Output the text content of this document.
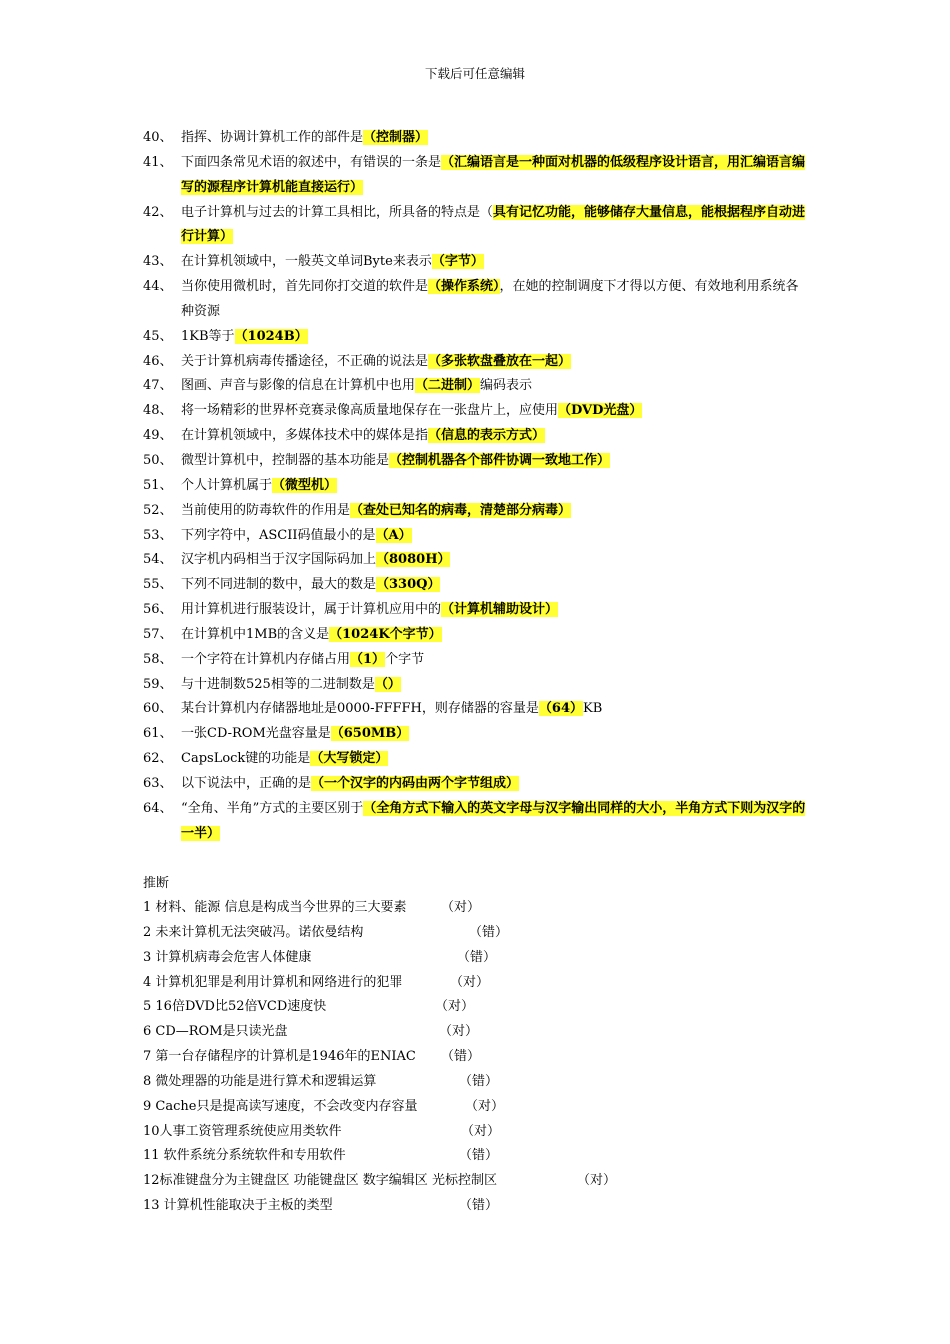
下载后可任意编辑
40、 指挥、协调计算机工作的部件是（控制器）
41、 下面四条常见术语的叙述中，有错误的一条是（汇编语言是一种面对机器的低级程序设计语言，用汇编语言编写的源程序计算机能直接运行）
42、 电子计算机与过去的计算工具相比，所具备的特点是（具有记忆功能，能够储存大量信息，能根据程序自动进行计算）
43、 在计算机领域中，一般英文单词Byte来表示（字节）
44、 当你使用微机时，首先同你打交道的软件是（操作系统），在她的控制调度下才得以方便、有效地利用系统各种资源
45、 1KB等于（1024B）
46、 关于计算机病毒传播途径，不正确的说法是（多张软盘叠放在一起）
47、 图画、声音与影像的信息在计算机中也用（二进制）编码表示
48、 将一场精彩的世界杯竞赛录像高质量地保存在一张盘片上，应使用（DVD光盘）
49、 在计算机领域中，多媒体技术中的媒体是指（信息的表示方式）
50、 微型计算机中，控制器的基本功能是（控制机器各个部件协调一致地工作）
51、 个人计算机属于（微型机）
52、 当前使用的防毒软件的作用是（查处已知名的病毒，清楚部分病毒）
53、 下列字符中，ASCII码值最小的是（A）
54、 汉字机内码相当于汉字国际码加上（8080H）
55、 下列不同进制的数中，最大的数是（330Q）
56、 用计算机进行服装设计，属于计算机应用中的（计算机辅助设计）
57、 在计算机中1MB的含义是（1024K个字节）
58、 一个字符在计算机内存储占用（1）个字节
59、 与十进制数525相等的二进制数是（）
60、 某台计算机内存储器地址是0000-FFFFH，则存储器的容量是（64）KB
61、 一张CD-ROM光盘容量是（650MB）
62、 CapsLock键的功能是（大写锁定）
63、 以下说法中，正确的是（一个汉字的内码由两个字节组成）
64、 “全角、半角”方式的主要区别于（全角方式下输入的英文字母与汉字输出同样的大小，半角方式下则为汉字的一半）
推断
1 材料、能源 信息是构成当今世界的三大要素	（对）
2 未来计算机无法突破冯。诺依曼结构	（错）
3 计算机病毒会危害人体健康	（错）
4 计算机犯罪是利用计算机和网络进行的犯罪	（对）
5 16倍DVD比52倍VCD速度快	（对）
6 CD—ROM是只读光盘	（对）
7 第一台存储程序的计算机是1946年的ENIAC （错）
8 微处理器的功能是进行算术和逻辑运算	（错）
9 Cache只是提高读写速度，不会改变内存容量	（对）
10人事工资管理系统使应用类软件	（对）
11 软件系统分系统软件和专用软件	（错）
12标准键盘分为主键盘区 功能键盘区 数字编辑区 光标控制区	（对）
13 计算机性能取决于主板的类型	（错）
